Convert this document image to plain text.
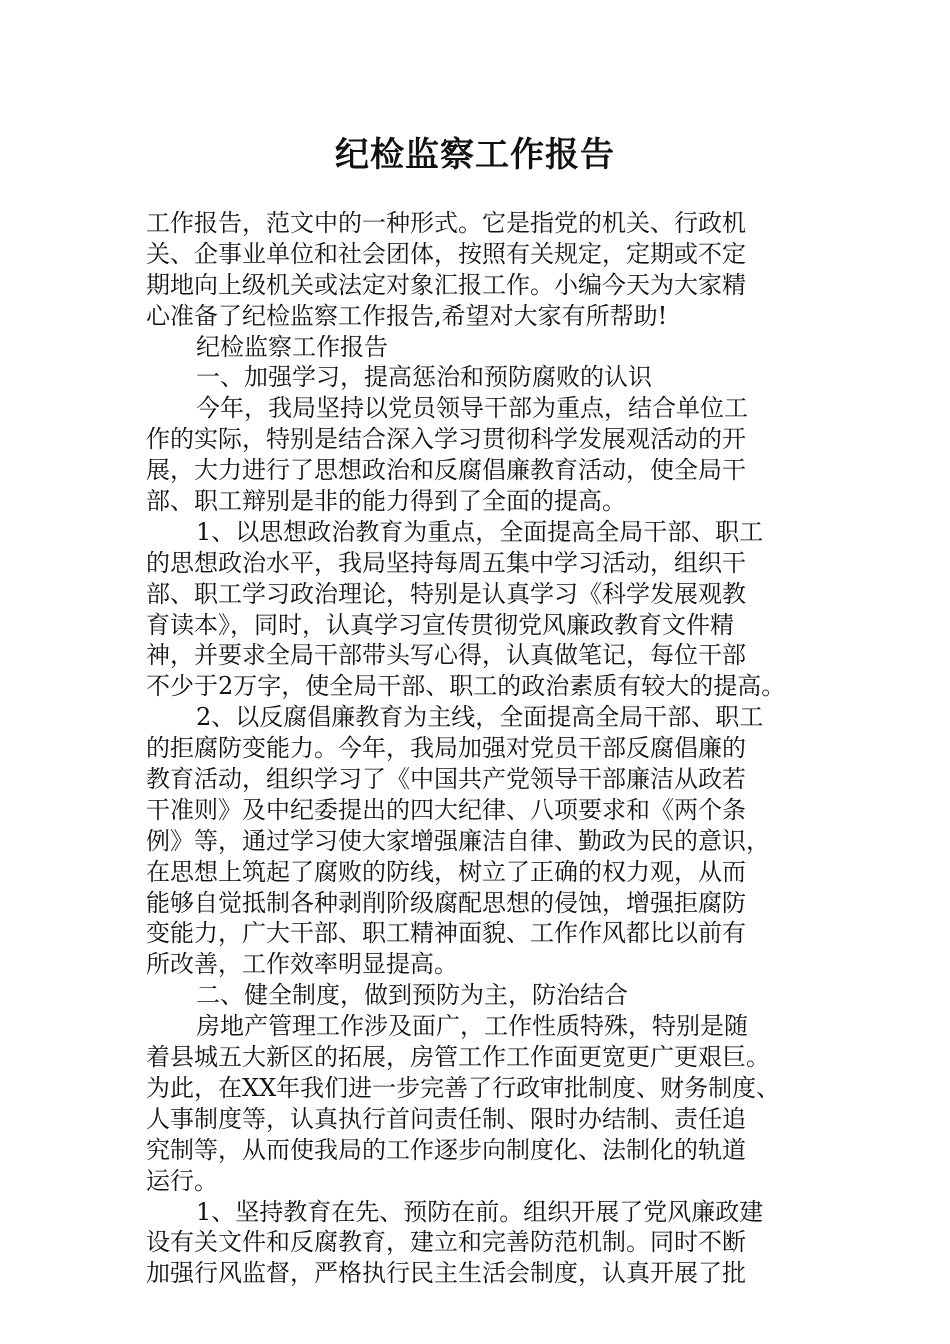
纪检监察工作报告

工作报告，范文中的一种形式。它是指党的机关、行政机

关、企事业单位和社会团体，按照有关规定，定期或不定

期地向上级机关或法定对象汇报工作。小编今天为大家精

心准备了纪检监察工作报告,希望对大家有所帮助!

纪检监察工作报告

一、加强学习，提高惩治和预防腐败的认识

今年，我局坚持以党员领导干部为重点，结合单位工

作的实际，特别是结合深入学习贯彻科学发展观活动的开

展，大力进行了思想政治和反腐倡廉教育活动，使全局干

部、职工辩别是非的能力得到了全面的提高。

1、以思想政治教育为重点，全面提高全局干部、职工

的思想政治水平，我局坚持每周五集中学习活动，组织干

部、职工学习政治理论，特别是认真学习《科学发展观教

育读本》，同时，认真学习宣传贯彻党风廉政教育文件精

神，并要求全局干部带头写心得，认真做笔记，每位干部

不少于2万字，使全局干部、职工的政治素质有较大的提高。

2、以反腐倡廉教育为主线，全面提高全局干部、职工

的拒腐防变能力。今年，我局加强对党员干部反腐倡廉的

教育活动，组织学习了《中国共产党领导干部廉洁从政若

干准则》及中纪委提出的四大纪律、八项要求和《两个条

例》等，通过学习使大家增强廉洁自律、勤政为民的意识，

在思想上筑起了腐败的防线，树立了正确的权力观，从而

能够自觉抵制各种剥削阶级腐配思想的侵蚀，增强拒腐防

变能力，广大干部、职工精神面貌、工作作风都比以前有

所改善，工作效率明显提高。

二、健全制度，做到预防为主，防治结合

房地产管理工作涉及面广，工作性质特殊，特别是随

着县城五大新区的拓展，房管工作工作面更宽更广更艰巨。

为此，在XX年我们进一步完善了行政审批制度、财务制度、

人事制度等，认真执行首问责任制、限时办结制、责任追

究制等，从而使我局的工作逐步向制度化、法制化的轨道

运行。

1、坚持教育在先、预防在前。组织开展了党风廉政建

设有关文件和反腐教育，建立和完善防范机制。同时不断

加强行风监督，严格执行民主生活会制度，认真开展了批
